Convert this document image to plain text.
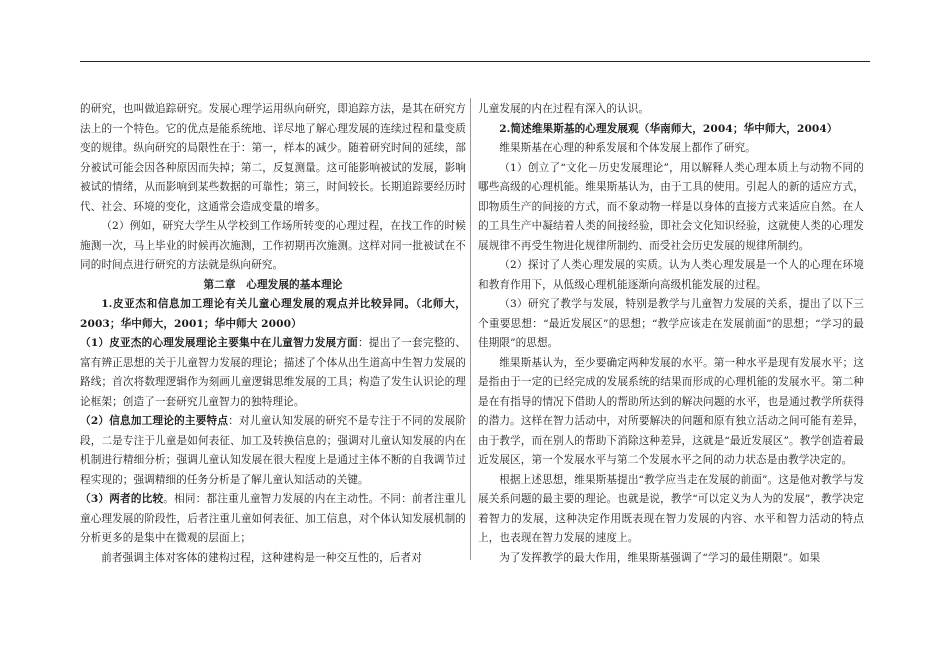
的研究，也叫做追踪研究。发展心理学运用纵向研究，即追踪方法，是其在研究方法上的一个特色。它的优点是能系统地、详尽地了解心理发展的连续过程和量变质变的规律。纵向研究的局限性在于：第一，样本的减少。随着研究时间的延续，部分被试可能会因各种原因而失掉；第二，反复测量。这可能影响被试的发展，影响被试的情绪，从而影响到某些数据的可靠性；第三，时间较长。长期追踪要经历时代、社会、环境的变化，这通常会造成变量的增多。

（2）例如，研究大学生从学校到工作场所转变的心理过程，在找工作的时候施测一次，马上毕业的时候再次施测，工作初期再次施测。这样对同一批被试在不同的时间点进行研究的方法就是纵向研究。

第二章　心理发展的基本理论

1.皮亚杰和信息加工理论有关儿童心理发展的观点并比较异同。（北师大，2003；华中师大，2001；华中师大 2000）

（1）皮亚杰的心理发展理论主要集中在儿童智力发展方面：提出了一套完整的、富有辨正思想的关于儿童智力发展的理论；描述了个体从出生道高中生智力发展的路线；首次将数理逻辑作为刻画儿童逻辑思维发展的工具；构造了发生认识论的理论框架；创造了一套研究儿童智力的独特理论。

（2）信息加工理论的主要特点：对儿童认知发展的研究不是专注于不同的发展阶段，二是专注于儿童是如何表征、加工及转换信息的；强调对儿童认知发展的内在机制进行精细分析；强调儿童认知发展在很大程度上是通过主体不断的自我调节过程实现的；强调精细的任务分析是了解儿童认知活动的关键。

（3）两者的比较。相同：都注重儿童智力发展的内在主动性。不同：前者注重儿童心理发展的阶段性，后者注重儿童如何表征、加工信息，对个体认知发展机制的分析更多的是集中在微观的层面上；

前者强调主体对客体的建构过程，这种建构是一种交互性的，后者对

儿童发展的内在过程有深入的认识。

2.简述维果斯基的心理发展观（华南师大，2004；华中师大，2004）

维果斯基在心理的种系发展和个体发展上都作了研究。

（1）创立了“文化－历史发展理论”，用以解释人类心理本质上与动物不同的哪些高级的心理机能。维果斯基认为，由于工具的使用。引起人的新的适应方式，即物质生产的间接的方式，而不象动物一样是以身体的直接方式来适应自然。在人的工具生产中凝结着人类的间接经验，即社会文化知识经验，这就使人类的心理发展规律不再受生物进化规律所制约、而受社会历史发展的规律所制约。

（2）探讨了人类心理发展的实质。认为人类心理发展是一个人的心理在环境和教育作用下，从低级心理机能逐渐向高级机能发展的过程。

（3）研究了教学与发展，特别是教学与儿童智力发展的关系，提出了以下三个重要思想：“最近发展区”的思想；“教学应该走在发展前面”的思想；“学习的最佳期限”的思想。

维果斯基认为，至少要确定两种发展的水平。第一种水平是现有发展水平；这是指由于一定的已经完成的发展系统的结果而形成的心理机能的发展水平。第二种是在有指导的情况下借助人的帮助所达到的解决问题的水平，也是通过教学所获得的潜力。这样在智力活动中，对所要解决的问题和原有独立活动之间可能有差异，由于教学，而在别人的帮助下消除这种差异，这就是“最近发展区”。教学创造着最近发展区，第一个发展水平与第二个发展水平之间的动力状态是由教学决定的。

根据上述思想，维果斯基提出“教学应当走在发展的前面”。这是他对教学与发展关系问题的最主要的理论。也就是说，教学“可以定义为人为的发展”，教学决定着智力的发展，这种决定作用既表现在智力发展的内容、水平和智力活动的特点上，也表现在智力发展的速度上。

为了发挥教学的最大作用，维果斯基强调了“学习的最佳期限”。如果
